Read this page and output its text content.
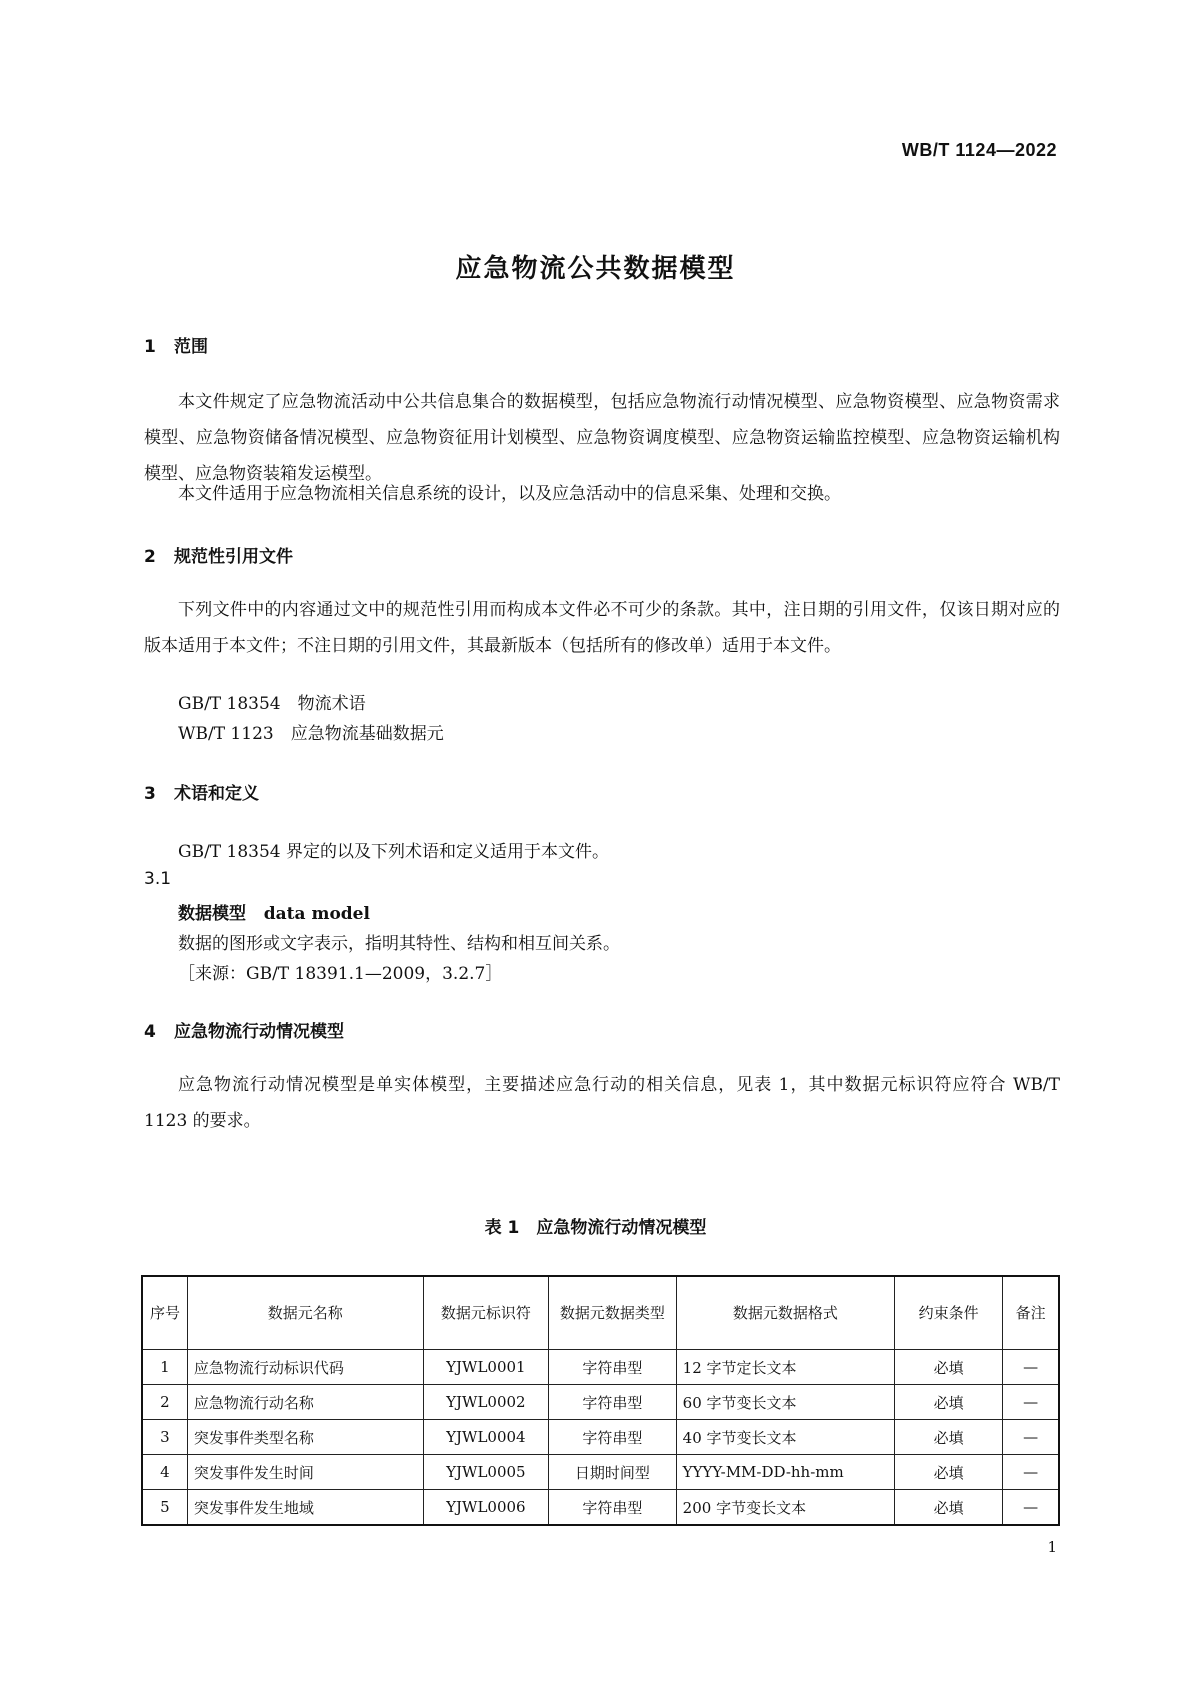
WB/T 1124—2022
应急物流公共数据模型
1 范围
本文件规定了应急物流活动中公共信息集合的数据模型，包括应急物流行动情况模型、应急物资模型、应急物资需求模型、应急物资储备情况模型、应急物资征用计划模型、应急物资调度模型、应急物资运输监控模型、应急物资运输机构模型、应急物资装箱发运模型。
本文件适用于应急物流相关信息系统的设计，以及应急活动中的信息采集、处理和交换。
2 规范性引用文件
下列文件中的内容通过文中的规范性引用而构成本文件必不可少的条款。其中，注日期的引用文件，仅该日期对应的版本适用于本文件；不注日期的引用文件，其最新版本（包括所有的修改单）适用于本文件。
GB/T 18354　物流术语
WB/T 1123　应急物流基础数据元
3 术语和定义
GB/T 18354 界定的以及下列术语和定义适用于本文件。
3.1
数据模型 data model
数据的图形或文字表示，指明其特性、结构和相互间关系。
［来源：GB/T 18391.1—2009，3.2.7］
4 应急物流行动情况模型
应急物流行动情况模型是单实体模型，主要描述应急行动的相关信息，见表 1，其中数据元标识符应符合 WB/T 1123 的要求。
表 1　应急物流行动情况模型
序号	数据元名称	数据元标识符	数据元数据类型	数据元数据格式	约束条件	备注
1	应急物流行动标识代码	YJWL0001	字符串型	12 字节定长文本	必填	—
2	应急物流行动名称	YJWL0002	字符串型	60 字节变长文本	必填	—
3	突发事件类型名称	YJWL0004	字符串型	40 字节变长文本	必填	—
4	突发事件发生时间	YJWL0005	日期时间型	YYYY-MM-DD-hh-mm	必填	—
5	突发事件发生地域	YJWL0006	字符串型	200 字节变长文本	必填	—
1
